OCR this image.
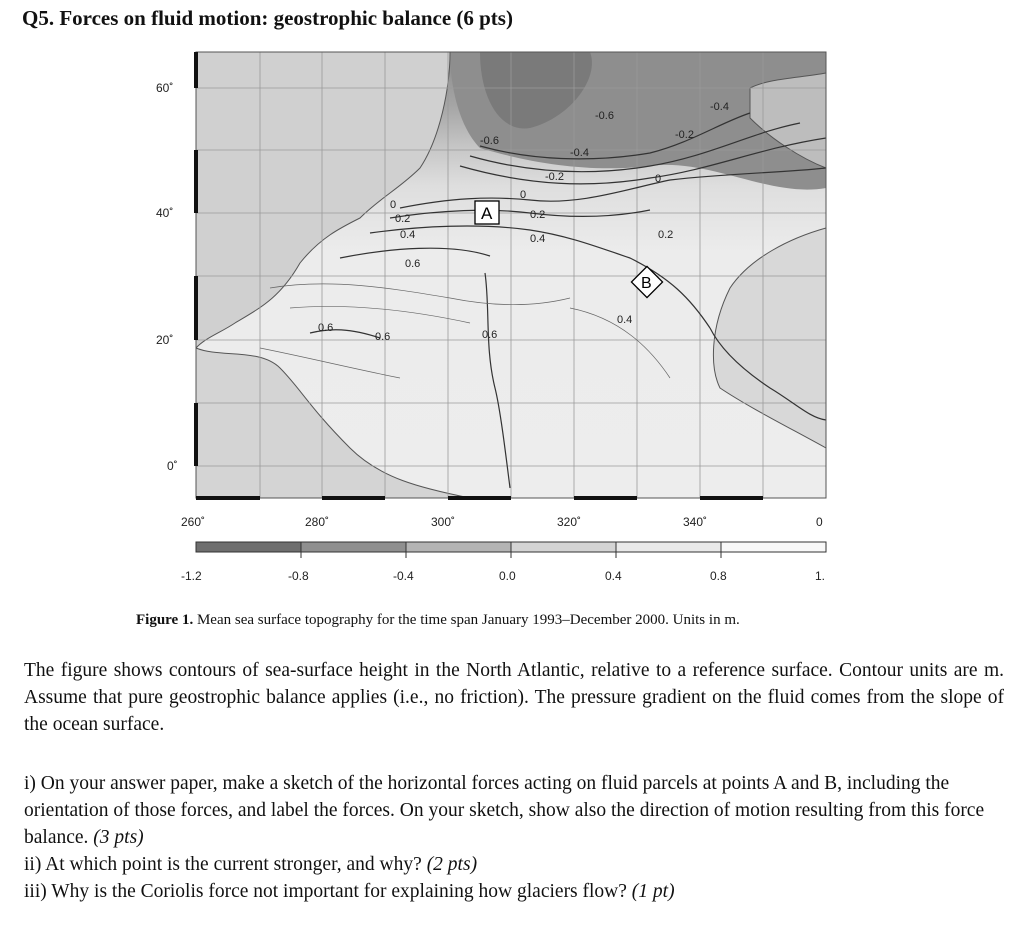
Q5. Forces on fluid motion: geostrophic balance (6 pts)
-0.6
-0.6
-0.4
-0.4
-0.2
-0.2
0
0
0
0.2	0.2
0.2
0.4	0.4
0.4
0.6
0.6
0.6	0.6
A
B
60˚
40˚
20˚
0˚
260˚	280˚	300˚	320˚	340˚	0
-1.2	-0.8	-0.4	0.0	0.4	0.8	1.
Figure 1. Mean sea surface topography for the time span January 1993–December 2000. Units in m.
The figure shows contours of sea-surface height in the North Atlantic, relative to a reference surface. Contour units are m. Assume that pure geostrophic balance applies (i.e., no friction). The pressure gradient on the fluid comes from the slope of the ocean surface.
i) On your answer paper, make a sketch of the horizontal forces acting on fluid parcels at points A and B, including the orientation of those forces, and label the forces. On your sketch, show also the direction of motion resulting from this force balance. (3 pts)
ii) At which point is the current stronger, and why? (2 pts)
iii) Why is the Coriolis force not important for explaining how glaciers flow? (1 pt)
